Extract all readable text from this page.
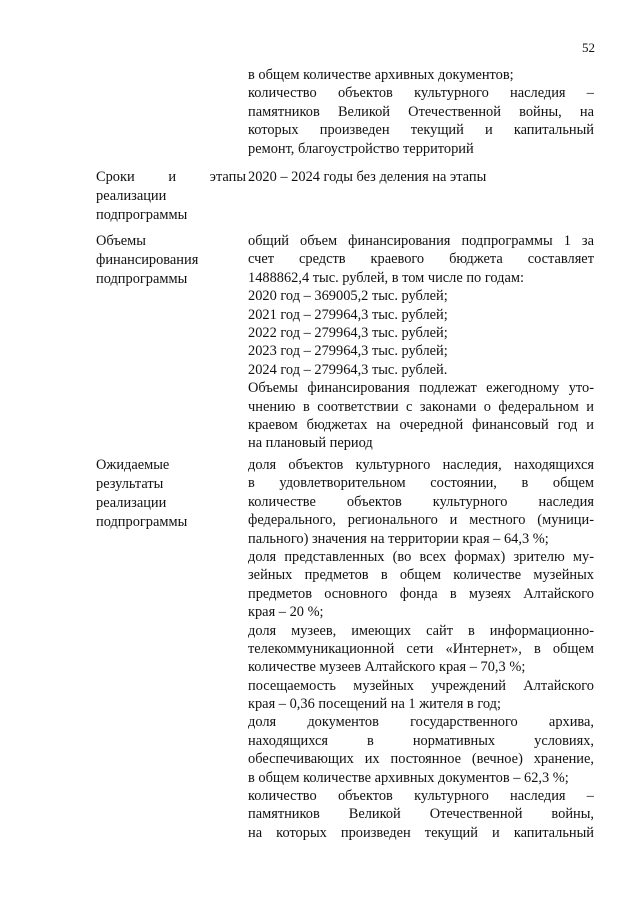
52
в общем количестве архивных документов;
количество объектов культурного наследия –
памятников Великой Отечественной войны, на
которых произведен текущий и капитальный
ремонт, благоустройство территорий
Сроки и этапы
реализации
подпрограммы
2020 – 2024 годы без деления на этапы
Объемы
финансирования
подпрограммы
общий объем финансирования подпрограммы 1 за
счет средств краевого бюджета составляет
1488862,4 тыс. рублей, в том числе по годам:
2020 год – 369005,2 тыс. рублей;
2021 год – 279964,3 тыс. рублей;
2022 год – 279964,3 тыс. рублей;
2023 год – 279964,3 тыс. рублей;
2024 год – 279964,3 тыс. рублей.
Объемы финансирования подлежат ежегодному уто-
чнению в соответствии с законами о федеральном и
краевом бюджетах на очередной финансовый год и
на плановый период
Ожидаемые
результаты
реализации
подпрограммы
доля объектов культурного наследия, находящихся
в удовлетворительном состоянии, в общем
количестве объектов культурного наследия
федерального, регионального и местного (муници-
пального) значения на территории края – 64,3 %;
доля представленных (во всех формах) зрителю му-
зейных предметов в общем количестве музейных
предметов основного фонда в музеях Алтайского
края – 20 %;
доля музеев, имеющих сайт в информационно-
телекоммуникационной сети «Интернет», в общем
количестве музеев Алтайского края – 70,3 %;
посещаемость музейных учреждений Алтайского
края – 0,36 посещений на 1 жителя в год;
доля документов государственного архива,
находящихся в нормативных условиях,
обеспечивающих их постоянное (вечное) хранение,
в общем количестве архивных документов – 62,3 %;
количество объектов культурного наследия –
памятников Великой Отечественной войны,
на которых произведен текущий и капитальный
